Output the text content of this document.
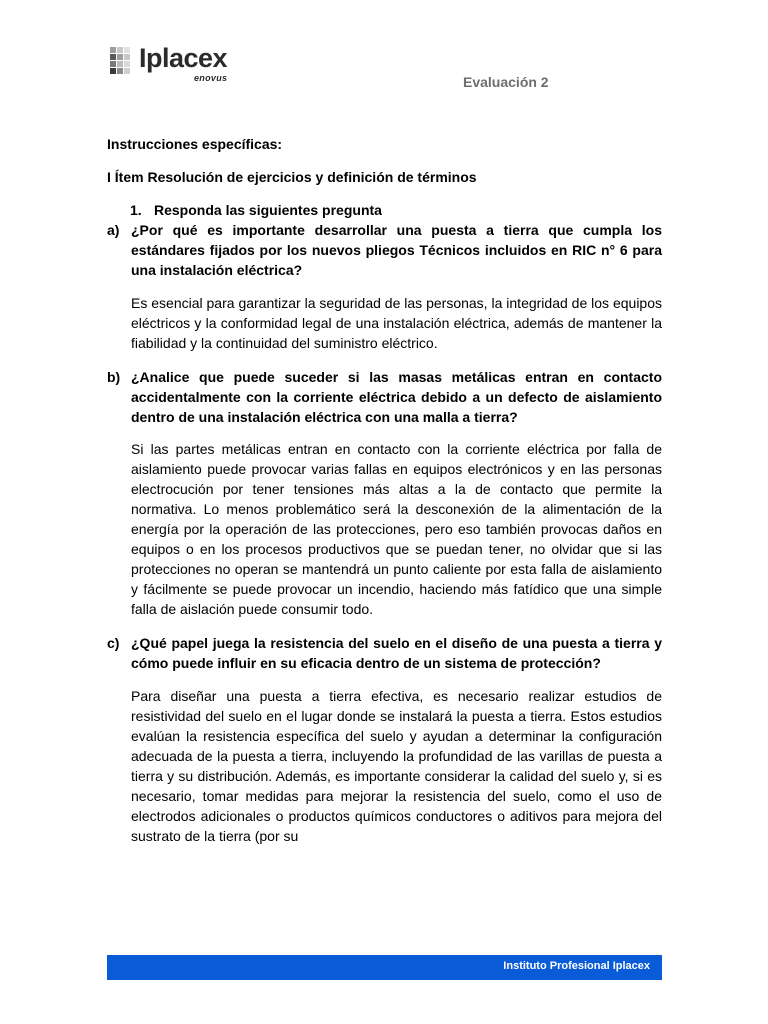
Iplacex
enovus	Evaluación 2

Instrucciones específicas:

I Ítem Resolución de ejercicios y definición de términos

1. Responda las siguientes pregunta
a) ¿Por qué es importante desarrollar una puesta a tierra que cumpla los estándares fijados por los nuevos pliegos Técnicos incluidos en RIC n° 6 para una instalación eléctrica?

Es esencial para garantizar la seguridad de las personas, la integridad de los equipos eléctricos y la conformidad legal de una instalación eléctrica, además de mantener la fiabilidad y la continuidad del suministro eléctrico.

b) ¿Analice que puede suceder si las masas metálicas entran en contacto accidentalmente con la corriente eléctrica debido a un defecto de aislamiento dentro de una instalación eléctrica con una malla a tierra?

Si las partes metálicas entran en contacto con la corriente eléctrica por falla de aislamiento puede provocar varias fallas en equipos electrónicos y en las personas electrocución por tener tensiones más altas a la de contacto que permite la normativa. Lo menos problemático será la desconexión de la alimentación de la energía por la operación de las protecciones, pero eso también provocas daños en equipos o en los procesos productivos que se puedan tener, no olvidar que si las protecciones no operan se mantendrá un punto caliente por esta falla de aislamiento y fácilmente se puede provocar un incendio, haciendo más fatídico que una simple falla de aislación puede consumir todo.

c) ¿Qué papel juega la resistencia del suelo en el diseño de una puesta a tierra y cómo puede influir en su eficacia dentro de un sistema de protección?

Para diseñar una puesta a tierra efectiva, es necesario realizar estudios de resistividad del suelo en el lugar donde se instalará la puesta a tierra. Estos estudios evalúan la resistencia específica del suelo y ayudan a determinar la configuración adecuada de la puesta a tierra, incluyendo la profundidad de las varillas de puesta a tierra y su distribución. Además, es importante considerar la calidad del suelo y, si es necesario, tomar medidas para mejorar la resistencia del suelo, como el uso de electrodos adicionales o productos químicos conductores o aditivos para mejora del sustrato de la tierra (por su

Instituto Profesional Iplacex
